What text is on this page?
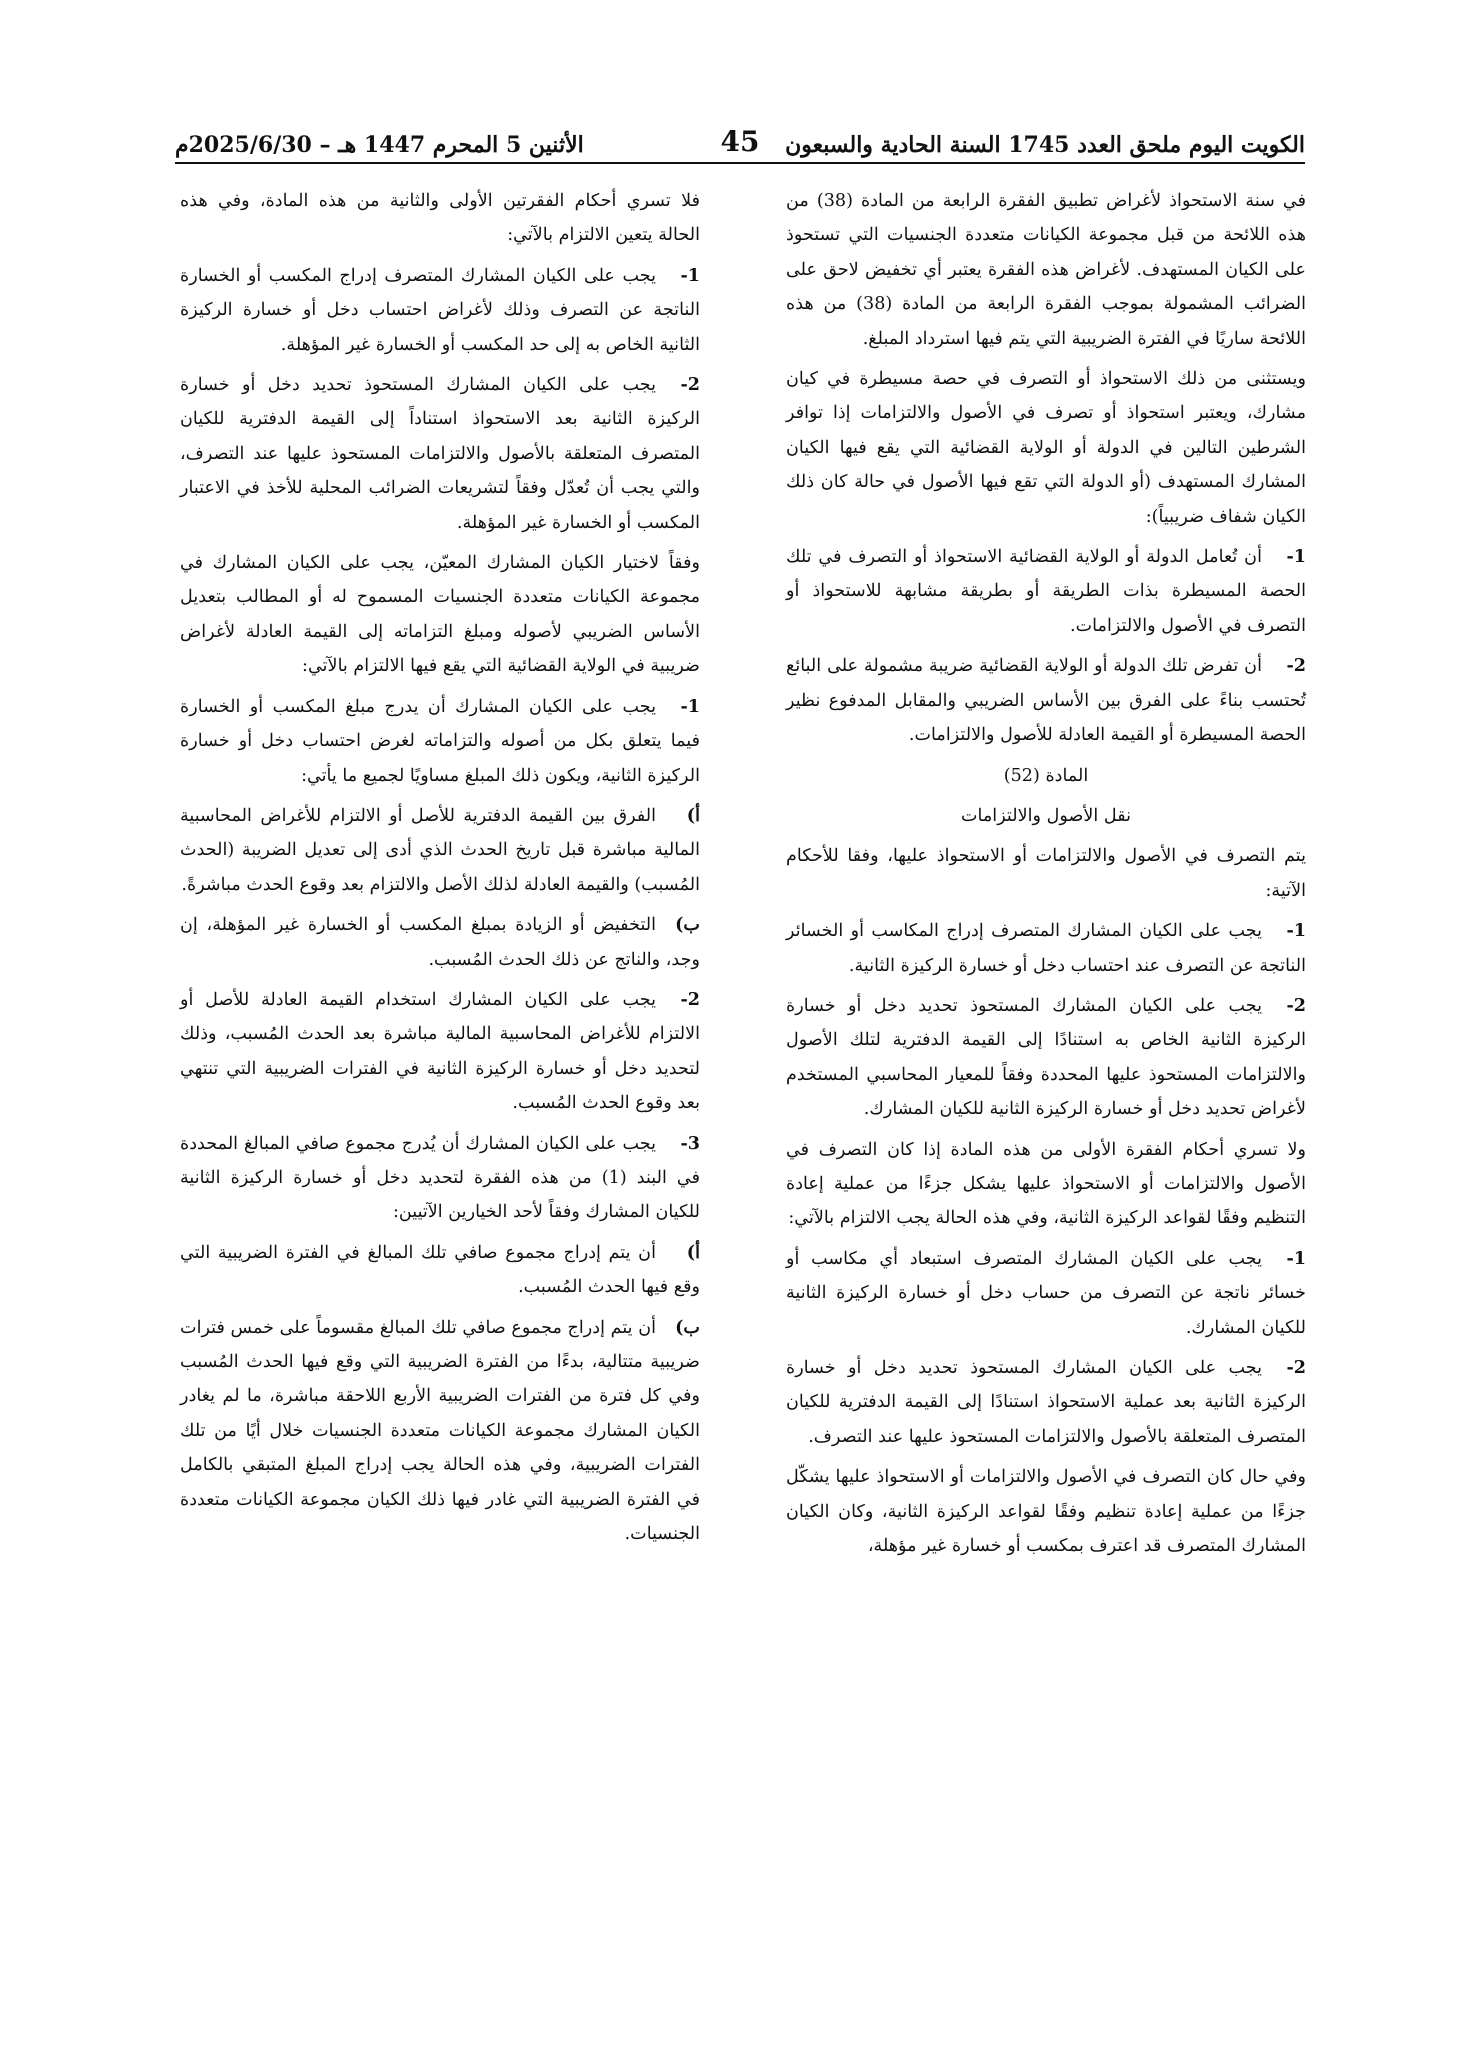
الكويت اليوم ملحق العدد 1745 السنة الحادية والسبعون
45
الأثنين 5 المحرم 1447 هـ – 2025/6/30م

في سنة الاستحواذ لأغراض تطبيق الفقرة الرابعة من المادة (38) من هذه اللائحة من قبل مجموعة الكيانات متعددة الجنسيات التي تستحوذ على الكيان المستهدف. لأغراض هذه الفقرة يعتبر أي تخفيض لاحق على الضرائب المشمولة بموجب الفقرة الرابعة من المادة (38) من هذه اللائحة ساريًا في الفترة الضريبية التي يتم فيها استرداد المبلغ.

ويستثنى من ذلك الاستحواذ أو التصرف في حصة مسيطرة في كيان مشارك، ويعتبر استحواذ أو تصرف في الأصول والالتزامات إذا توافر الشرطين التالين في الدولة أو الولاية القضائية التي يقع فيها الكيان المشارك المستهدف (أو الدولة التي تقع فيها الأصول في حالة كان ذلك الكيان شفاف ضريبياً):

1-أن تُعامل الدولة أو الولاية القضائية الاستحواذ أو التصرف في تلك الحصة المسيطرة بذات الطريقة أو بطريقة مشابهة للاستحواذ أو التصرف في الأصول والالتزامات.

2-أن تفرض تلك الدولة أو الولاية القضائية ضريبة مشمولة على البائع تُحتسب بناءً على الفرق بين الأساس الضريبي والمقابل المدفوع نظير الحصة المسيطرة أو القيمة العادلة للأصول والالتزامات.

المادة (52)

نقل الأصول والالتزامات

يتم التصرف في الأصول والالتزامات أو الاستحواذ عليها، وفقا للأحكام الآتية:

1-يجب على الكيان المشارك المتصرف إدراج المكاسب أو الخسائر الناتجة عن التصرف عند احتساب دخل أو خسارة الركيزة الثانية.

2-يجب على الكيان المشارك المستحوذ تحديد دخل أو خسارة الركيزة الثانية الخاص به استنادًا إلى القيمة الدفترية لتلك الأصول والالتزامات المستحوذ عليها المحددة وفقاً للمعيار المحاسبي المستخدم لأغراض تحديد دخل أو خسارة الركيزة الثانية للكيان المشارك.

ولا تسري أحكام الفقرة الأولى من هذه المادة إذا كان التصرف في الأصول والالتزامات أو الاستحواذ عليها يشكل جزءًا من عملية إعادة التنظيم وفقًا لقواعد الركيزة الثانية، وفي هذه الحالة يجب الالتزام بالآتي:

1-يجب على الكيان المشارك المتصرف استبعاد أي مكاسب أو خسائر ناتجة عن التصرف من حساب دخل أو خسارة الركيزة الثانية للكيان المشارك.

2-يجب على الكيان المشارك المستحوذ تحديد دخل أو خسارة الركيزة الثانية بعد عملية الاستحواذ استنادًا إلى القيمة الدفترية للكيان المتصرف المتعلقة بالأصول والالتزامات المستحوذ عليها عند التصرف.

وفي حال كان التصرف في الأصول والالتزامات أو الاستحواذ عليها يشكّل جزءًا من عملية إعادة تنظيم وفقًا لقواعد الركيزة الثانية، وكان الكيان المشارك المتصرف قد اعترف بمكسب أو خسارة غير مؤهلة،

فلا تسري أحكام الفقرتين الأولى والثانية من هذه المادة، وفي هذه الحالة يتعين الالتزام بالآتي:

1-يجب على الكيان المشارك المتصرف إدراج المكسب أو الخسارة الناتجة عن التصرف وذلك لأغراض احتساب دخل أو خسارة الركيزة الثانية الخاص به إلى حد المكسب أو الخسارة غير المؤهلة.

2-يجب على الكيان المشارك المستحوذ تحديد دخل أو خسارة الركيزة الثانية بعد الاستحواذ استناداً إلى القيمة الدفترية للكيان المتصرف المتعلقة بالأصول والالتزامات المستحوذ عليها عند التصرف، والتي يجب أن تُعدّل وفقاً لتشريعات الضرائب المحلية للأخذ في الاعتبار المكسب أو الخسارة غير المؤهلة.

وفقاً لاختيار الكيان المشارك المعيّن، يجب على الكيان المشارك في مجموعة الكيانات متعددة الجنسيات المسموح له أو المطالب بتعديل الأساس الضريبي لأصوله ومبلغ التزاماته إلى القيمة العادلة لأغراض ضريبية في الولاية القضائية التي يقع فيها الالتزام بالآتي:

1-يجب على الكيان المشارك أن يدرج مبلغ المكسب أو الخسارة فيما يتعلق بكل من أصوله والتزاماته لغرض احتساب دخل أو خسارة الركيزة الثانية، ويكون ذلك المبلغ مساويًا لجميع ما يأتي:

أ)الفرق بين القيمة الدفترية للأصل أو الالتزام للأغراض المحاسبية المالية مباشرة قبل تاريخ الحدث الذي أدى إلى تعديل الضريبة (الحدث المُسبب) والقيمة العادلة لذلك الأصل والالتزام بعد وقوع الحدث مباشرةً.

ب)التخفيض أو الزيادة بمبلغ المكسب أو الخسارة غير المؤهلة، إن وجد، والناتج عن ذلك الحدث المُسبب.

2-يجب على الكيان المشارك استخدام القيمة العادلة للأصل أو الالتزام للأغراض المحاسبية المالية مباشرة بعد الحدث المُسبب، وذلك لتحديد دخل أو خسارة الركيزة الثانية في الفترات الضريبية التي تنتهي بعد وقوع الحدث المُسبب.

3-يجب على الكيان المشارك أن يُدرج مجموع صافي المبالغ المحددة في البند (1) من هذه الفقرة لتحديد دخل أو خسارة الركيزة الثانية للكيان المشارك وفقاً لأحد الخيارين الآتيين:

أ)أن يتم إدراج مجموع صافي تلك المبالغ في الفترة الضريبية التي وقع فيها الحدث المُسبب.

ب)أن يتم إدراج مجموع صافي تلك المبالغ مقسوماً على خمس فترات ضريبية متتالية، بدءًا من الفترة الضريبية التي وقع فيها الحدث المُسبب وفي كل فترة من الفترات الضريبية الأربع اللاحقة مباشرة، ما لم يغادر الكيان المشارك مجموعة الكيانات متعددة الجنسيات خلال أيًا من تلك الفترات الضريبية، وفي هذه الحالة يجب إدراج المبلغ المتبقي بالكامل في الفترة الضريبية التي غادر فيها ذلك الكيان مجموعة الكيانات متعددة الجنسيات.
